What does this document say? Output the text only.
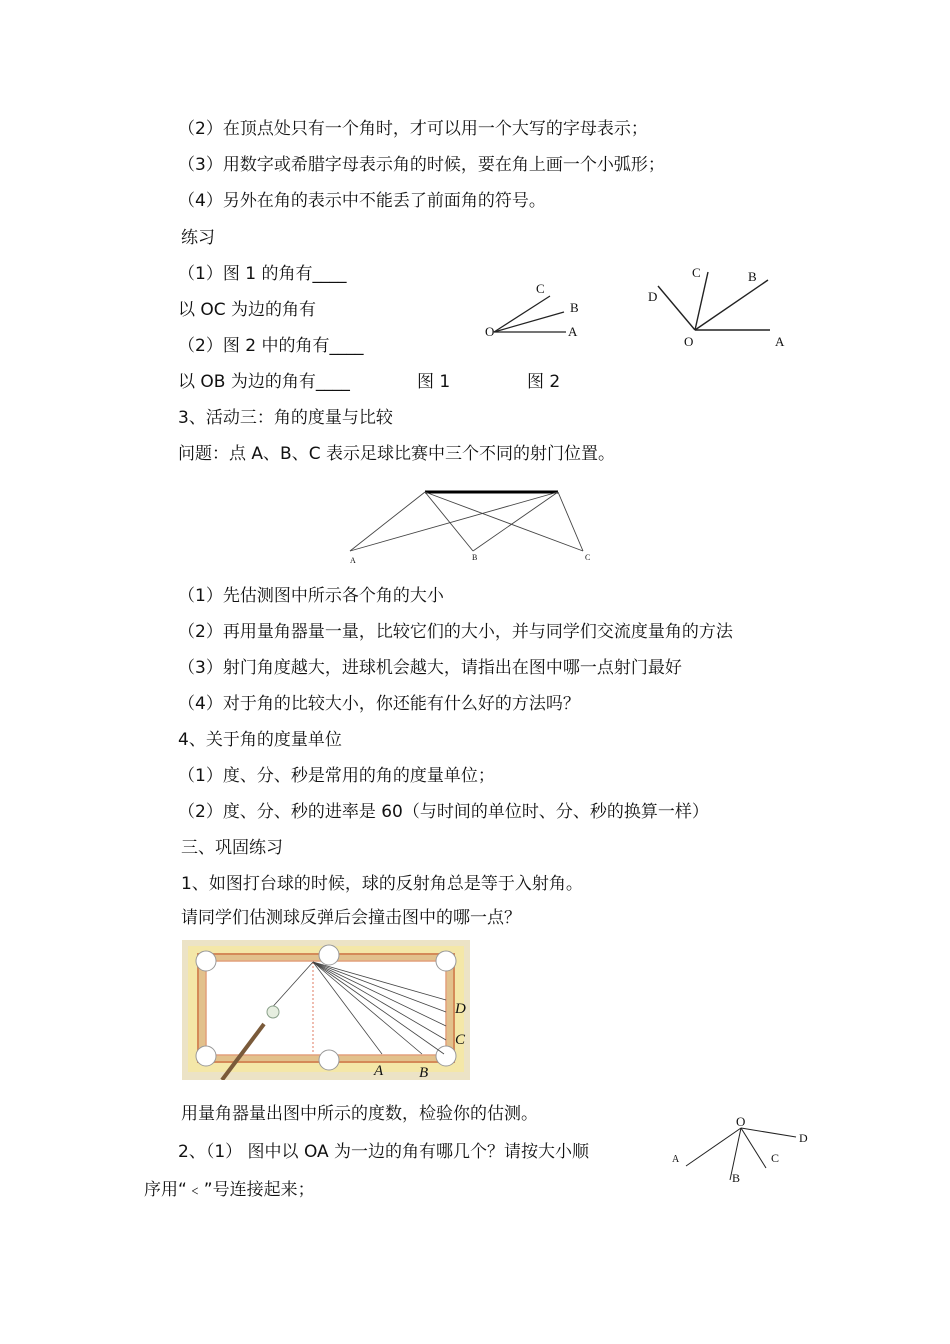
（2）在顶点处只有一个角时，才可以用一个大写的字母表示；
（3）用数字或希腊字母表示角的时候，要在角上画一个小弧形；
（4）另外在角的表示中不能丢了前面角的符号。
练习
（1）图 1 的角有____
以 OC 为边的角有
（2）图 2 中的角有____
以 OB 为边的角有____	图 1	图 2
3、活动三：角的度量与比较
问题：点 A、B、C 表示足球比赛中三个不同的射门位置。
（1）先估测图中所示各个角的大小
（2）再用量角器量一量，比较它们的大小，并与同学们交流度量角的方法
（3）射门角度越大，进球机会越大，请指出在图中哪一点射门最好
（4）对于角的比较大小，你还能有什么好的方法吗？
4、关于角的度量单位
（1）度、分、秒是常用的角的度量单位；
（2）度、分、秒的进率是 60（与时间的单位时、分、秒的换算一样）
三、巩固练习
1、如图打台球的时候，球的反射角总是等于入射角。
请同学们估测球反弹后会撞击图中的哪一点？
用量角器量出图中所示的度数，检验你的估测。
2、（1） 图中以 OA 为一边的角有哪几个？请按大小顺
序用“﹤”号连接起来；
O	A
B
C
O	A
B
C
D
A	B	C
D
C
A B
O
A
B
C
D
